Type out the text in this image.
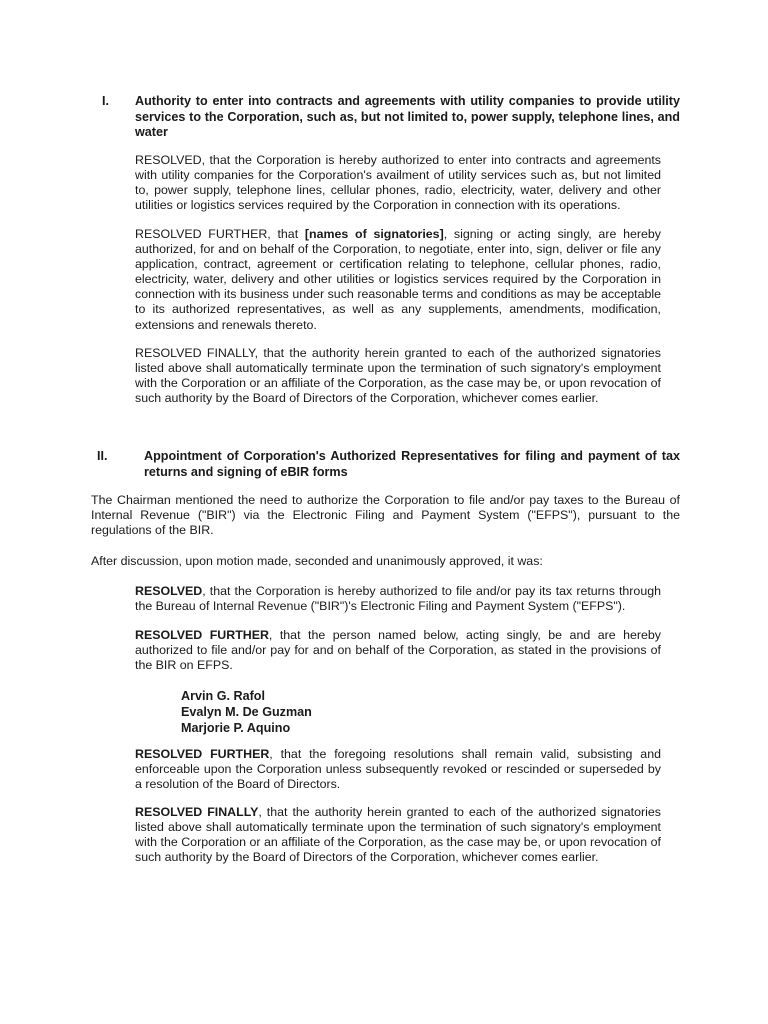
I. Authority to enter into contracts and agreements with utility companies to provide utility services to the Corporation, such as, but not limited to, power supply, telephone lines, and water
RESOLVED, that the Corporation is hereby authorized to enter into contracts and agreements with utility companies for the Corporation's availment of utility services such as, but not limited to, power supply, telephone lines, cellular phones, radio, electricity, water, delivery and other utilities or logistics services required by the Corporation in connection with its operations.
RESOLVED FURTHER, that [names of signatories], signing or acting singly, are hereby authorized, for and on behalf of the Corporation, to negotiate, enter into, sign, deliver or file any application, contract, agreement or certification relating to telephone, cellular phones, radio, electricity, water, delivery and other utilities or logistics services required by the Corporation in connection with its business under such reasonable terms and conditions as may be acceptable to its authorized representatives, as well as any supplements, amendments, modification, extensions and renewals thereto.
RESOLVED FINALLY, that the authority herein granted to each of the authorized signatories listed above shall automatically terminate upon the termination of such signatory's employment with the Corporation or an affiliate of the Corporation, as the case may be, or upon revocation of such authority by the Board of Directors of the Corporation, whichever comes earlier.
II.	Appointment of Corporation's Authorized Representatives for filing and payment of tax returns and signing of eBIR forms
The Chairman mentioned the need to authorize the Corporation to file and/or pay taxes to the Bureau of Internal Revenue ("BIR") via the Electronic Filing and Payment System ("EFPS"), pursuant to the regulations of the BIR.
After discussion, upon motion made, seconded and unanimously approved, it was:
RESOLVED, that the Corporation is hereby authorized to file and/or pay its tax returns through the Bureau of Internal Revenue ("BIR")'s Electronic Filing and Payment System ("EFPS").
RESOLVED FURTHER, that the person named below, acting singly, be and are hereby authorized to file and/or pay for and on behalf of the Corporation, as stated in the provisions of the BIR on EFPS.
Arvin G. Rafol
Evalyn M. De Guzman
Marjorie P. Aquino
RESOLVED FURTHER, that the foregoing resolutions shall remain valid, subsisting and enforceable upon the Corporation unless subsequently revoked or rescinded or superseded by a resolution of the Board of Directors.
RESOLVED FINALLY, that the authority herein granted to each of the authorized signatories listed above shall automatically terminate upon the termination of such signatory's employment with the Corporation or an affiliate of the Corporation, as the case may be, or upon revocation of such authority by the Board of Directors of the Corporation, whichever comes earlier.
